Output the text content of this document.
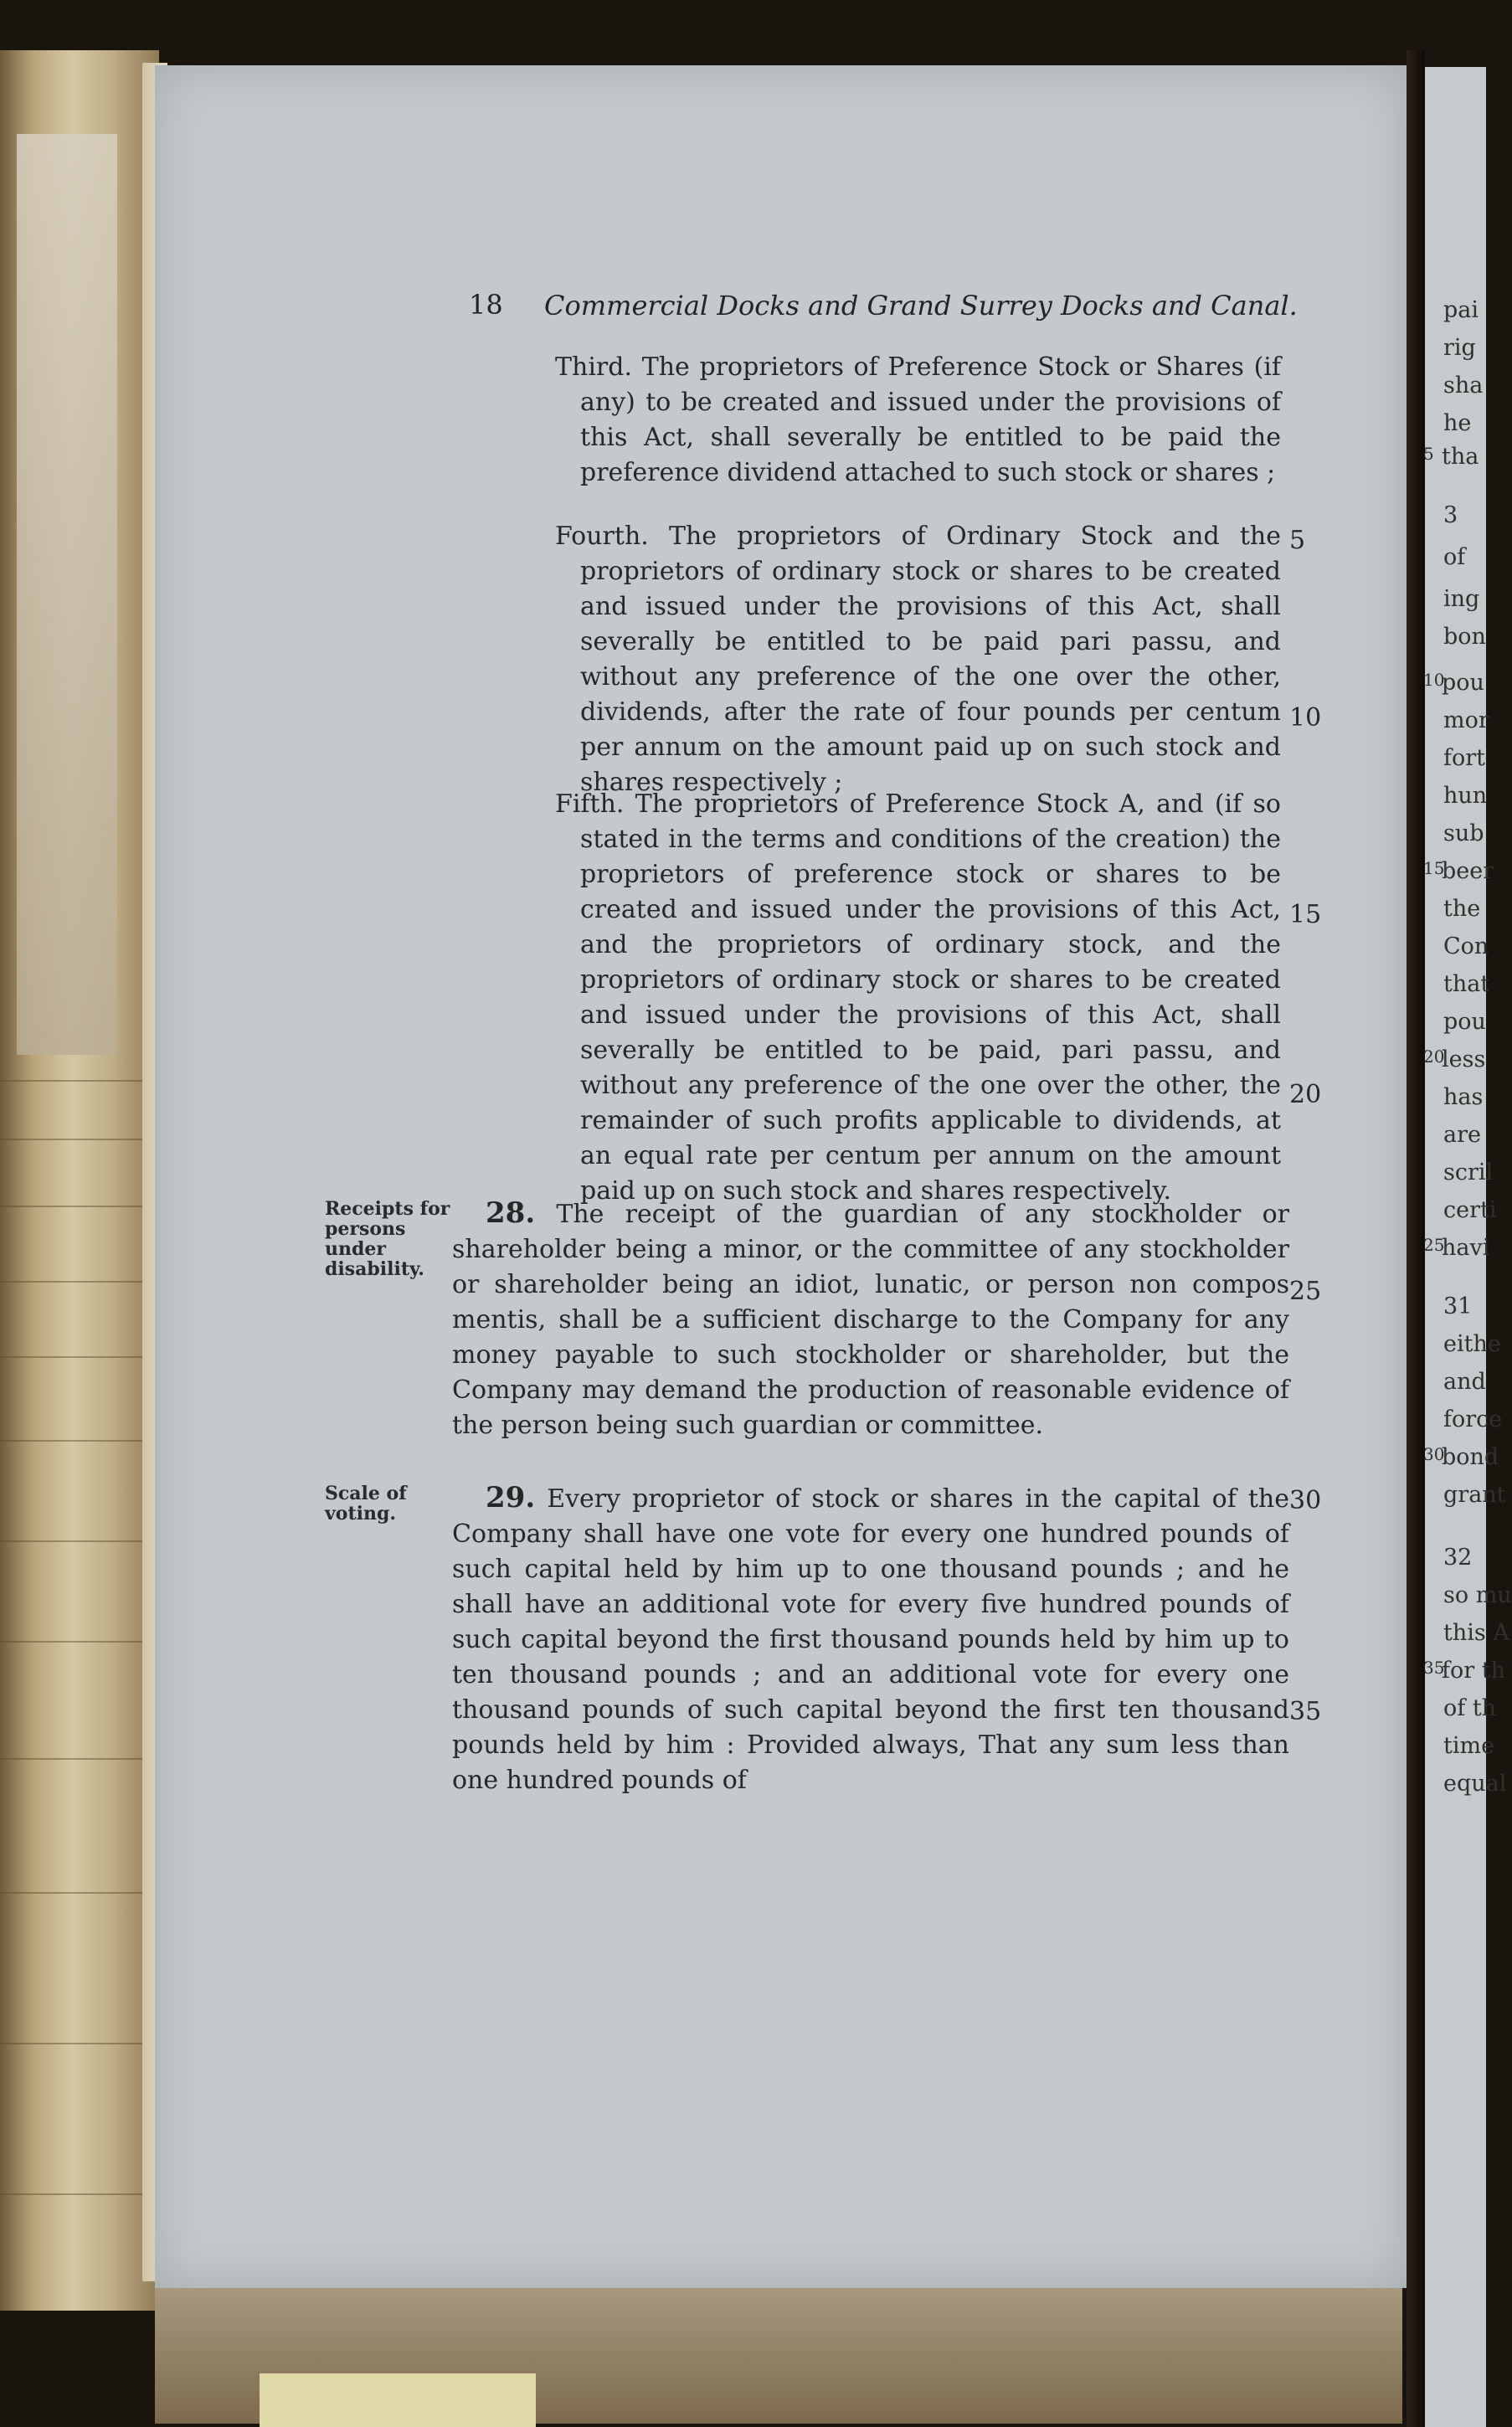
18 Commercial Docks and Grand Surrey Docks and Canal.

Third. The proprietors of Preference Stock or Shares (if any) to be created and issued under the provisions of this Act, shall severally be entitled to be paid the preference dividend attached to such stock or shares ;

Fourth. The proprietors of Ordinary Stock and the proprietors of ordinary stock or shares to be created and issued under the provisions of this Act, shall severally be entitled to be paid pari passu, and without any preference of the one over the other, dividends, after the rate of four pounds per centum per annum on the amount paid up on such stock and shares respectively ;

Fifth. The proprietors of Preference Stock A, and (if so stated in the terms and conditions of the creation) the proprietors of preference stock or shares to be created and issued under the provisions of this Act, and the proprietors of ordinary stock, and the proprietors of ordinary stock or shares to be created and issued under the provisions of this Act, shall severally be entitled to be paid, pari passu, and without any preference of the one over the other, the remainder of such profits applicable to dividends, at an equal rate per centum per annum on the amount paid up on such stock and shares respectively.

Receipts for persons under disability.

28. The receipt of the guardian of any stockholder or shareholder being a minor, or the committee of any stockholder or shareholder being an idiot, lunatic, or person non compos mentis, shall be a sufficient discharge to the Company for any money payable to such stockholder or shareholder, but the Company may demand the production of reasonable evidence of the person being such guardian or committee.

Scale of voting.	29. Every proprietor of stock or shares in the capital of the Company shall have one vote for every one hundred pounds of such capital held by him up to one thousand pounds ; and he shall have an additional vote for every five hundred pounds of such capital beyond the first thousand pounds held by him up to ten thousand pounds ; and an additional vote for every one thousand pounds of such capital beyond the first ten thousand pounds held by him : Provided always, That any sum less than one hundred pounds of

5
10
15
20
25
30
35
pai
rig
sha
he
5 tha
3
of
ing
bon
10
pou
mor
fort
hun
sub
15
beer
the
Con
that
pou
20
less
has
are
scril
certi
25
havi
31
eithe
and
force
30
bond
grant
32
so mu
this A
35
for th
of th
time
equal
